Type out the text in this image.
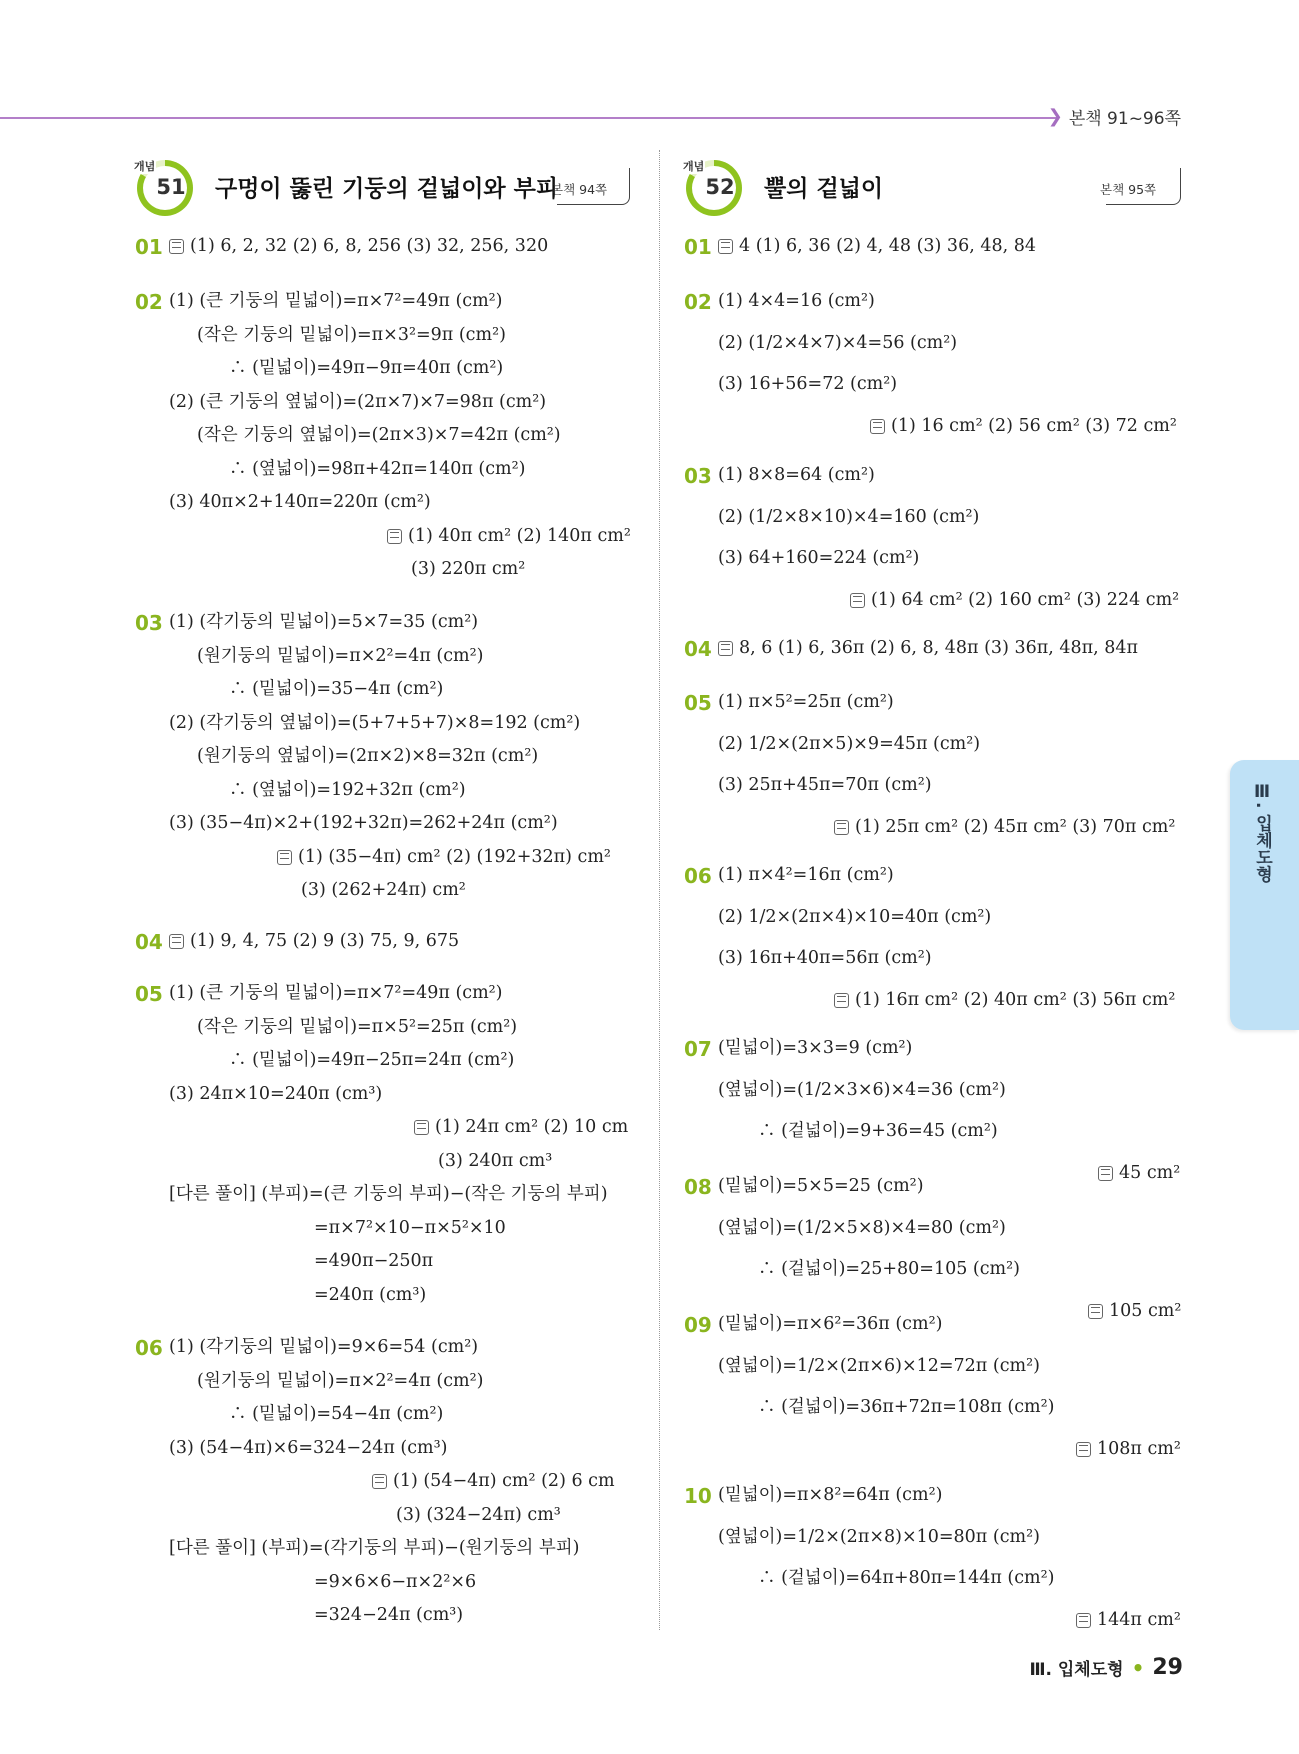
❯ 본책 91~96쪽
개념
51	구멍이 뚫린 기둥의 겉넓이와 부피
본책 94쪽
개념
52	뿔의 겉넓이	본책 95쪽
01 (1) 6, 2, 32 (2) 6, 8, 256 (3) 32, 256, 320
02 (1) (큰 기둥의 밑넓이)=π×7²=49π (cm²)
(작은 기둥의 밑넓이)=π×3²=9π (cm²)
∴ (밑넓이)=49π−9π=40π (cm²)
(2) (큰 기둥의 옆넓이)=(2π×7)×7=98π (cm²)
(작은 기둥의 옆넓이)=(2π×3)×7=42π (cm²)
∴ (옆넓이)=98π+42π=140π (cm²)
(3) 40π×2+140π=220π (cm²)
(1) 40π cm² (2) 140π cm²
(3) 220π cm²
03 (1) (각기둥의 밑넓이)=5×7=35 (cm²)
(원기둥의 밑넓이)=π×2²=4π (cm²)
∴ (밑넓이)=35−4π (cm²)
(2) (각기둥의 옆넓이)=(5+7+5+7)×8=192 (cm²)
(원기둥의 옆넓이)=(2π×2)×8=32π (cm²)
∴ (옆넓이)=192+32π (cm²)
(3) (35−4π)×2+(192+32π)=262+24π (cm²)
(1) (35−4π) cm² (2) (192+32π) cm²
(3) (262+24π) cm²
04 (1) 9, 4, 75 (2) 9 (3) 75, 9, 675
05 (1) (큰 기둥의 밑넓이)=π×7²=49π (cm²)
(작은 기둥의 밑넓이)=π×5²=25π (cm²)
∴ (밑넓이)=49π−25π=24π (cm²)
(3) 24π×10=240π (cm³)
(1) 24π cm² (2) 10 cm
(3) 240π cm³
[다른 풀이] (부피)=(큰 기둥의 부피)−(작은 기둥의 부피)
=π×7²×10−π×5²×10
=490π−250π
=240π (cm³)
06 (1) (각기둥의 밑넓이)=9×6=54 (cm²)
(원기둥의 밑넓이)=π×2²=4π (cm²)
∴ (밑넓이)=54−4π (cm²)
(3) (54−4π)×6=324−24π (cm³)
(1) (54−4π) cm² (2) 6 cm
(3) (324−24π) cm³
[다른 풀이] (부피)=(각기둥의 부피)−(원기둥의 부피)
=9×6×6−π×2²×6
=324−24π (cm³)
01 4 (1) 6, 36 (2) 4, 48 (3) 36, 48, 84
02 (1) 4×4=16 (cm²)
(2) (1/2×4×7)×4=56 (cm²)
(3) 16+56=72 (cm²)
(1) 16 cm² (2) 56 cm² (3) 72 cm²
03 (1) 8×8=64 (cm²)
(2) (1/2×8×10)×4=160 (cm²)
(3) 64+160=224 (cm²)
(1) 64 cm² (2) 160 cm² (3) 224 cm²
04 8, 6 (1) 6, 36π (2) 6, 8, 48π (3) 36π, 48π, 84π
05 (1) π×5²=25π (cm²)
(2) 1/2×(2π×5)×9=45π (cm²)
(3) 25π+45π=70π (cm²)
(1) 25π cm² (2) 45π cm² (3) 70π cm²
06 (1) π×4²=16π (cm²)
(2) 1/2×(2π×4)×10=40π (cm²)
(3) 16π+40π=56π (cm²)
(1) 16π cm² (2) 40π cm² (3) 56π cm²
07 (밑넓이)=3×3=9 (cm²)
(옆넓이)=(1/2×3×6)×4=36 (cm²)
∴ (겉넓이)=9+36=45 (cm²)
45 cm²
08 (밑넓이)=5×5=25 (cm²)
(옆넓이)=(1/2×5×8)×4=80 (cm²)
∴ (겉넓이)=25+80=105 (cm²)
105 cm²
09 (밑넓이)=π×6²=36π (cm²)
(옆넓이)=1/2×(2π×6)×12=72π (cm²)
∴ (겉넓이)=36π+72π=108π (cm²)
108π cm²
10 (밑넓이)=π×8²=64π (cm²)
(옆넓이)=1/2×(2π×8)×10=80π (cm²)
∴ (겉넓이)=64π+80π=144π (cm²)
144π cm²
Ⅲ. 입체도형
Ⅲ. 입체도형 • 29
